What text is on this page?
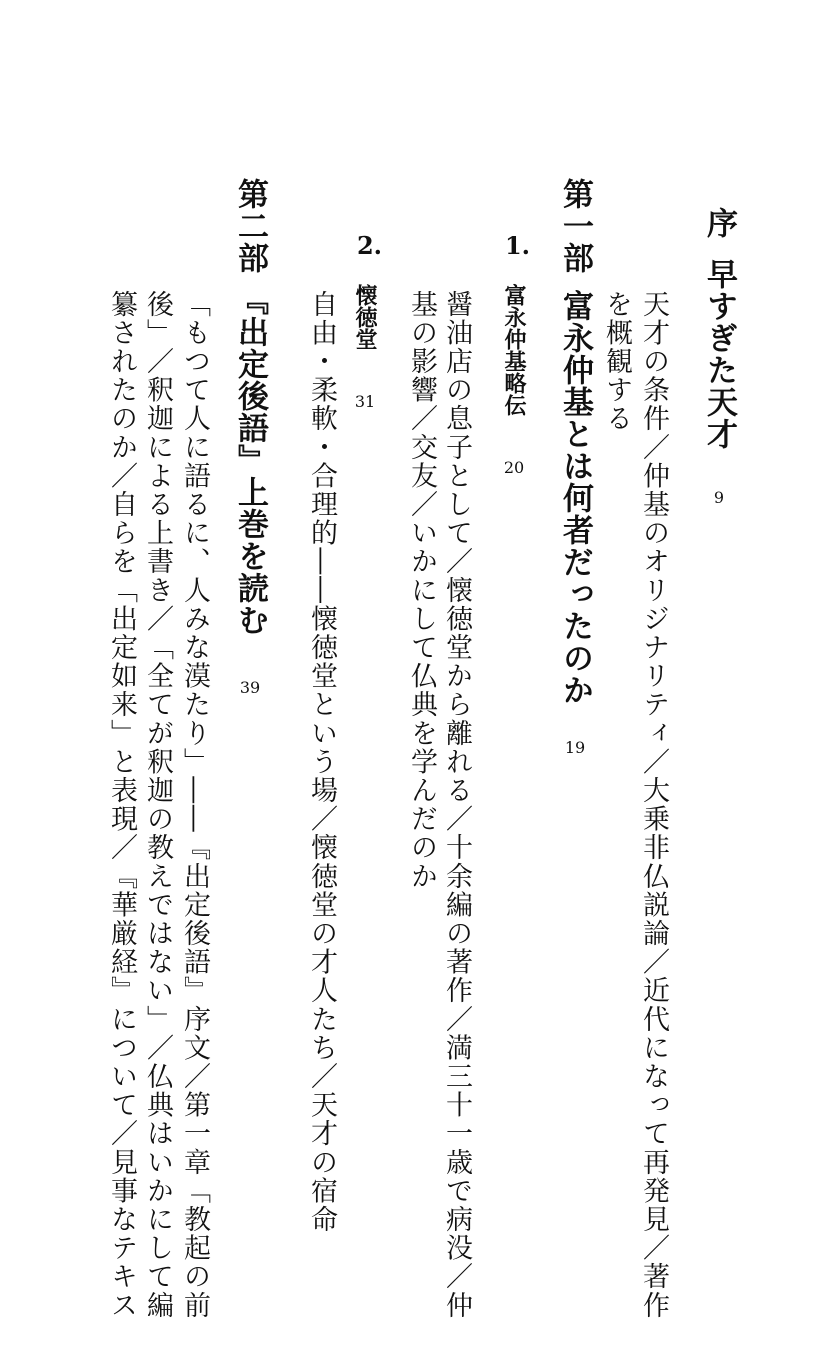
序
早すぎた天才9
天才の条件／仲基のオリジナリティ／大乗非仏説論／近代になって再発見／著作
を概観する
第一部
富永仲基とは何者だったのか19
1.
富永仲基略伝20
醤油店の息子として／懐徳堂から離れる／十余編の著作／満三十一歳で病没／仲
基の影響／交友／いかにして仏典を学んだのか
2.
懐徳堂31
自由・柔軟・合理的――懐徳堂という場／懐徳堂の才人たち／天才の宿命
第二部
『出定後語』上巻を読む39
「もつて人に語るに、人みな漠たり」――『出定後語』序文／第一章「教起の前
後」／釈迦による上書き／「全てが釈迦の教えではない」／仏典はいかにして編
纂されたのか／自らを「出定如来」と表現／『華厳経』について／見事なテキス
